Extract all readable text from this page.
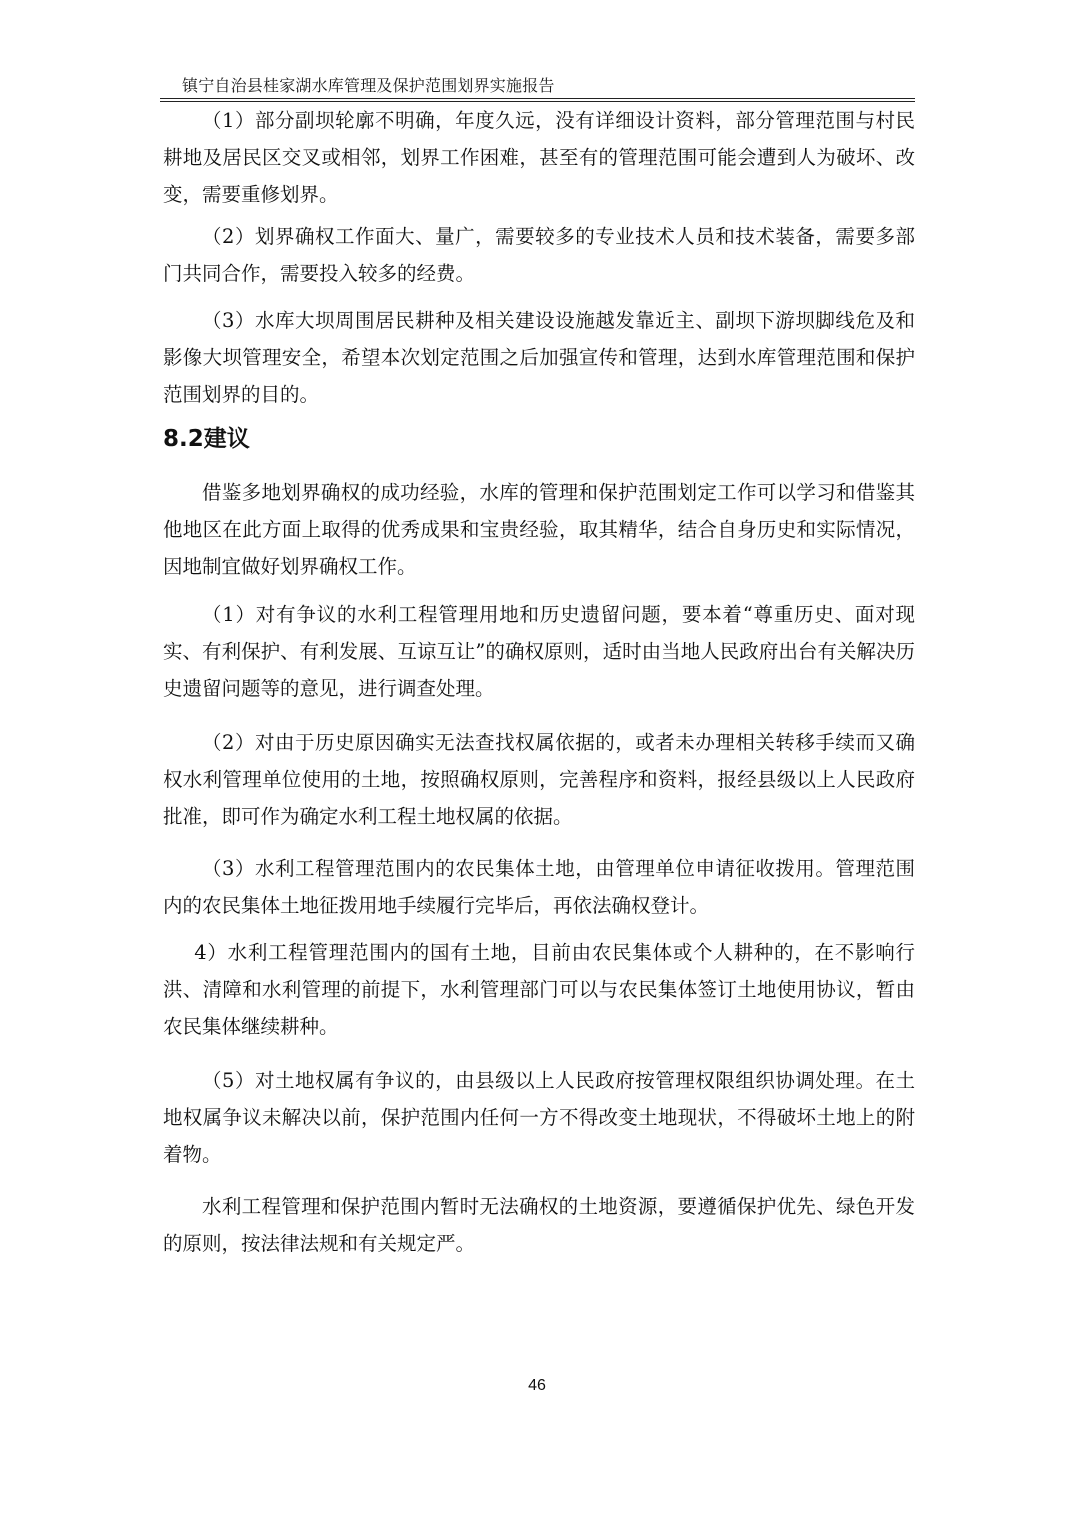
镇宁自治县桂家湖水库管理及保护范围划界实施报告

（1）部分副坝轮廓不明确，年度久远，没有详细设计资料，部分管理范围与村民耕地及居民区交叉或相邻，划界工作困难，甚至有的管理范围可能会遭到人为破坏、改变，需要重修划界。

（2）划界确权工作面大、量广，需要较多的专业技术人员和技术装备，需要多部门共同合作，需要投入较多的经费。

（3）水库大坝周围居民耕种及相关建设设施越发靠近主、副坝下游坝脚线危及和影像大坝管理安全，希望本次划定范围之后加强宣传和管理，达到水库管理范围和保护范围划界的目的。

8.2建议

借鉴多地划界确权的成功经验，水库的管理和保护范围划定工作可以学习和借鉴其他地区在此方面上取得的优秀成果和宝贵经验，取其精华，结合自身历史和实际情况，因地制宜做好划界确权工作。

（1）对有争议的水利工程管理用地和历史遗留问题，要本着“尊重历史、面对现实、有利保护、有利发展、互谅互让”的确权原则，适时由当地人民政府出台有关解决历史遗留问题等的意见，进行调查处理。

（2）对由于历史原因确实无法查找权属依据的，或者未办理相关转移手续而又确权水利管理单位使用的土地，按照确权原则，完善程序和资料，报经县级以上人民政府批准，即可作为确定水利工程土地权属的依据。

（3）水利工程管理范围内的农民集体土地，由管理单位申请征收拨用。管理范围内的农民集体土地征拨用地手续履行完毕后，再依法确权登计。

4）水利工程管理范围内的国有土地，目前由农民集体或个人耕种的，在不影响行洪、清障和水利管理的前提下，水利管理部门可以与农民集体签订土地使用协议，暂由农民集体继续耕种。

（5）对土地权属有争议的，由县级以上人民政府按管理权限组织协调处理。在土地权属争议未解决以前，保护范围内任何一方不得改变土地现状，不得破坏土地上的附着物。

水利工程管理和保护范围内暂时无法确权的土地资源，要遵循保护优先、绿色开发的原则，按法律法规和有关规定严。

46
